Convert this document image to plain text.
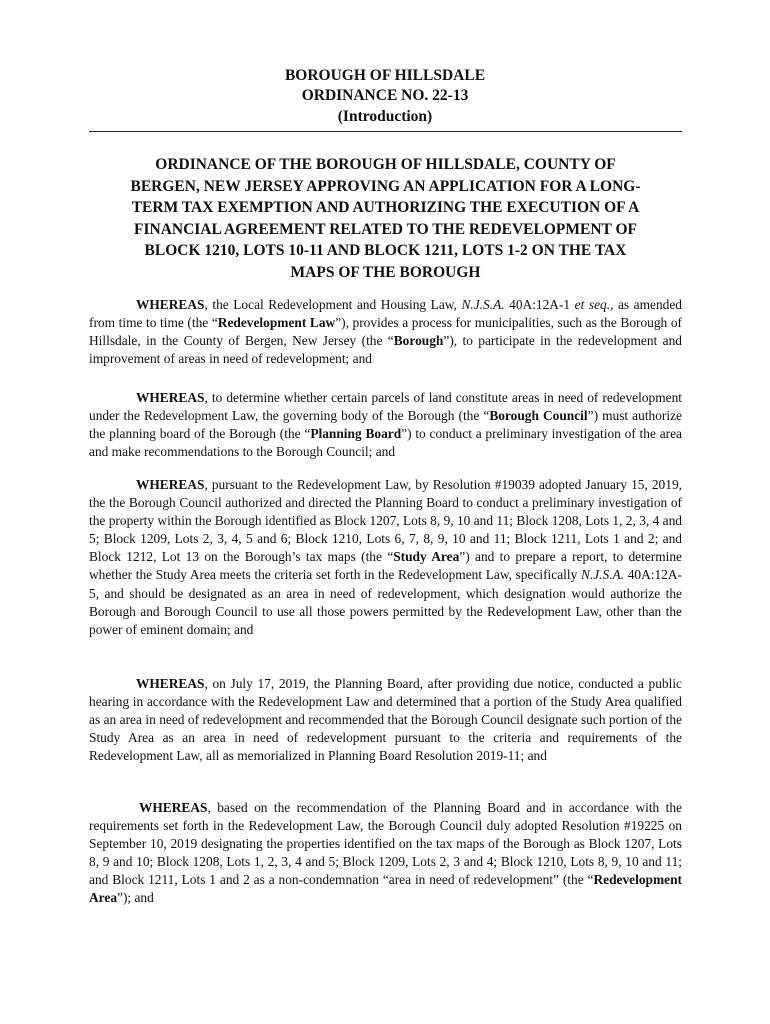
BOROUGH OF HILLSDALE
ORDINANCE NO. 22-13
(Introduction)
ORDINANCE OF THE BOROUGH OF HILLSDALE, COUNTY OF
BERGEN, NEW JERSEY APPROVING AN APPLICATION FOR A LONG-
TERM TAX EXEMPTION AND AUTHORIZING THE EXECUTION OF A
FINANCIAL AGREEMENT RELATED TO THE REDEVELOPMENT OF
BLOCK 1210, LOTS 10-11 AND BLOCK 1211, LOTS 1-2 ON THE TAX
MAPS OF THE BOROUGH
WHEREAS, the Local Redevelopment and Housing Law, N.J.S.A. 40A:12A-1 et seq., as amended from time to time (the “Redevelopment Law”), provides a process for municipalities, such as the Borough of Hillsdale, in the County of Bergen, New Jersey (the “Borough”), to participate in the redevelopment and improvement of areas in need of redevelopment; and
WHEREAS, to determine whether certain parcels of land constitute areas in need of redevelopment under the Redevelopment Law, the governing body of the Borough (the “Borough Council”) must authorize the planning board of the Borough (the “Planning Board”) to conduct a preliminary investigation of the area and make recommendations to the Borough Council; and
WHEREAS, pursuant to the Redevelopment Law, by Resolution #19039 adopted January 15, 2019, the the Borough Council authorized and directed the Planning Board to conduct a preliminary investigation of the property within the Borough identified as Block 1207, Lots 8, 9, 10 and 11; Block 1208, Lots 1, 2, 3, 4 and 5; Block 1209, Lots 2, 3, 4, 5 and 6; Block 1210, Lots 6, 7, 8, 9, 10 and 11; Block 1211, Lots 1 and 2; and Block 1212, Lot 13 on the Borough’s tax maps (the “Study Area”) and to prepare a report, to determine whether the Study Area meets the criteria set forth in the Redevelopment Law, specifically N.J.S.A. 40A:12A-5, and should be designated as an area in need of redevelopment, which designation would authorize the Borough and Borough Council to use all those powers permitted by the Redevelopment Law, other than the power of eminent domain; and
WHEREAS, on July 17, 2019, the Planning Board, after providing due notice, conducted a public hearing in accordance with the Redevelopment Law and determined that a portion of the Study Area qualified as an area in need of redevelopment and recommended that the Borough Council designate such portion of the Study Area as an area in need of redevelopment pursuant to the criteria and requirements of the Redevelopment Law, all as memorialized in Planning Board Resolution 2019-11; and
WHEREAS, based on the recommendation of the Planning Board and in accordance with the requirements set forth in the Redevelopment Law, the Borough Council duly adopted Resolution #19225 on September 10, 2019 designating the properties identified on the tax maps of the Borough as Block 1207, Lots 8, 9 and 10; Block 1208, Lots 1, 2, 3, 4 and 5; Block 1209, Lots 2, 3 and 4; Block 1210, Lots 8, 9, 10 and 11; and Block 1211, Lots 1 and 2 as a non-condemnation “area in need of redevelopment” (the “Redevelopment Area”); and
